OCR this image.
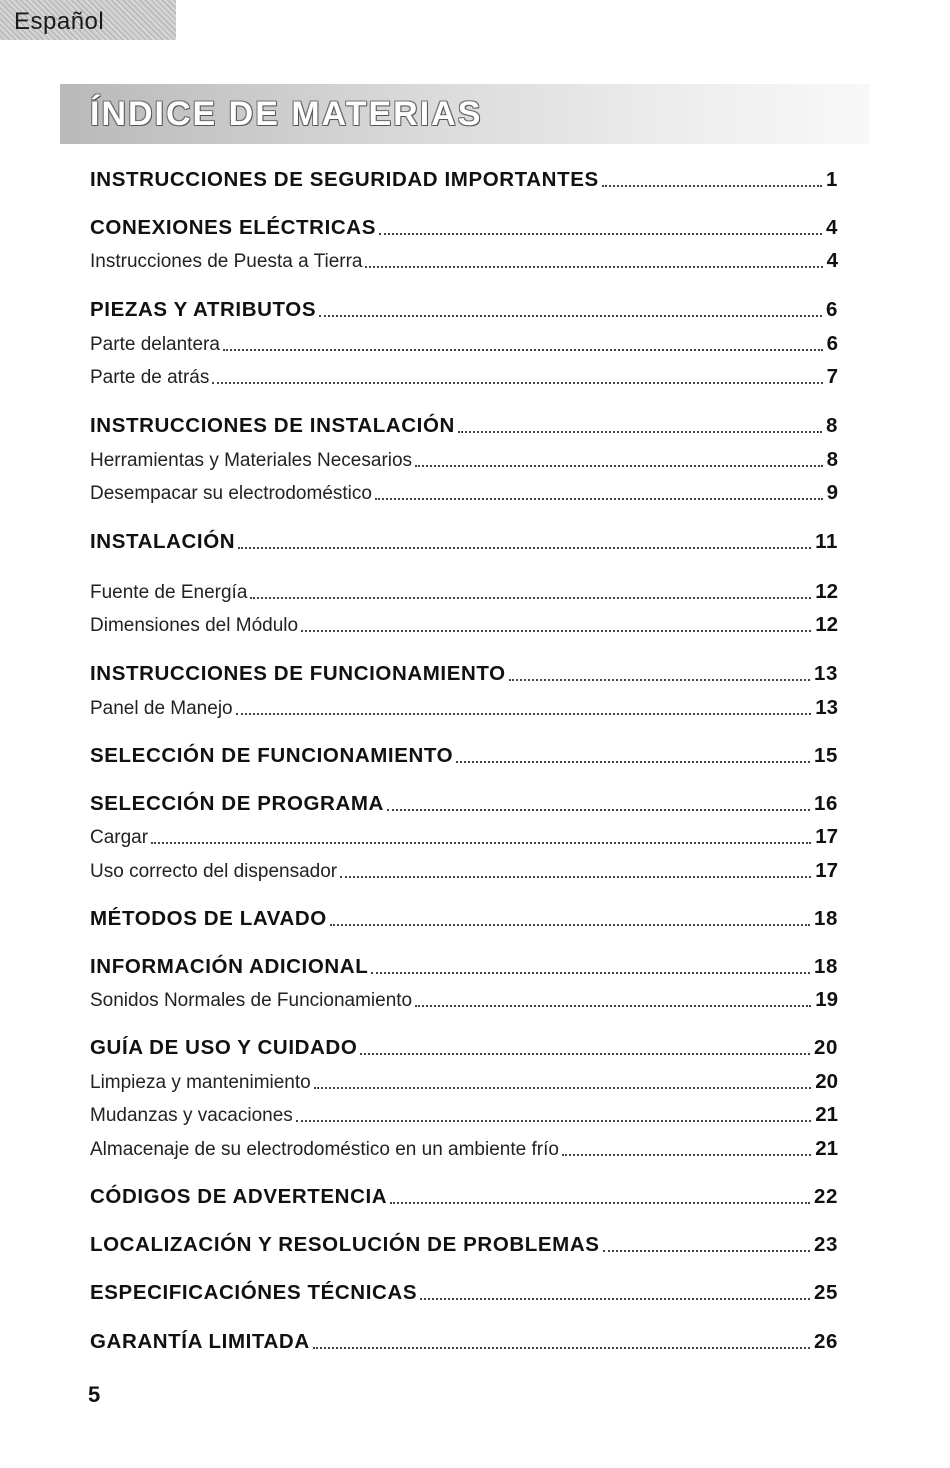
Español
ÍNDICE DE MATERIAS
INSTRUCCIONES DE SEGURIDAD IMPORTANTES	1
CONEXIONES ELÉCTRICAS	4
Instrucciones de Puesta a Tierra	4
PIEZAS Y ATRIBUTOS	6
Parte delantera	6
Parte de atrás	7
INSTRUCCIONES DE INSTALACIÓN	8
Herramientas y Materiales Necesarios	8
Desempacar su electrodoméstico	9
INSTALACIÓN	11
Fuente de Energía	12
Dimensiones del Módulo	12
INSTRUCCIONES DE FUNCIONAMIENTO	13
Panel de Manejo	13
SELECCIÓN DE FUNCIONAMIENTO	15
SELECCIÓN DE PROGRAMA	16
Cargar	17
Uso correcto del dispensador	17
MÉTODOS DE LAVADO	18
INFORMACIÓN ADICIONAL	18
Sonidos Normales de Funcionamiento	19
GUÍA DE USO Y CUIDADO	20
Limpieza y mantenimiento	20
Mudanzas y vacaciones	21
Almacenaje de su electrodoméstico en un ambiente frío	21
CÓDIGOS DE ADVERTENCIA	22
LOCALIZACIÓN Y RESOLUCIÓN DE PROBLEMAS	23
ESPECIFICACIÓNES TÉCNICAS	25
GARANTÍA LIMITADA	26
5
